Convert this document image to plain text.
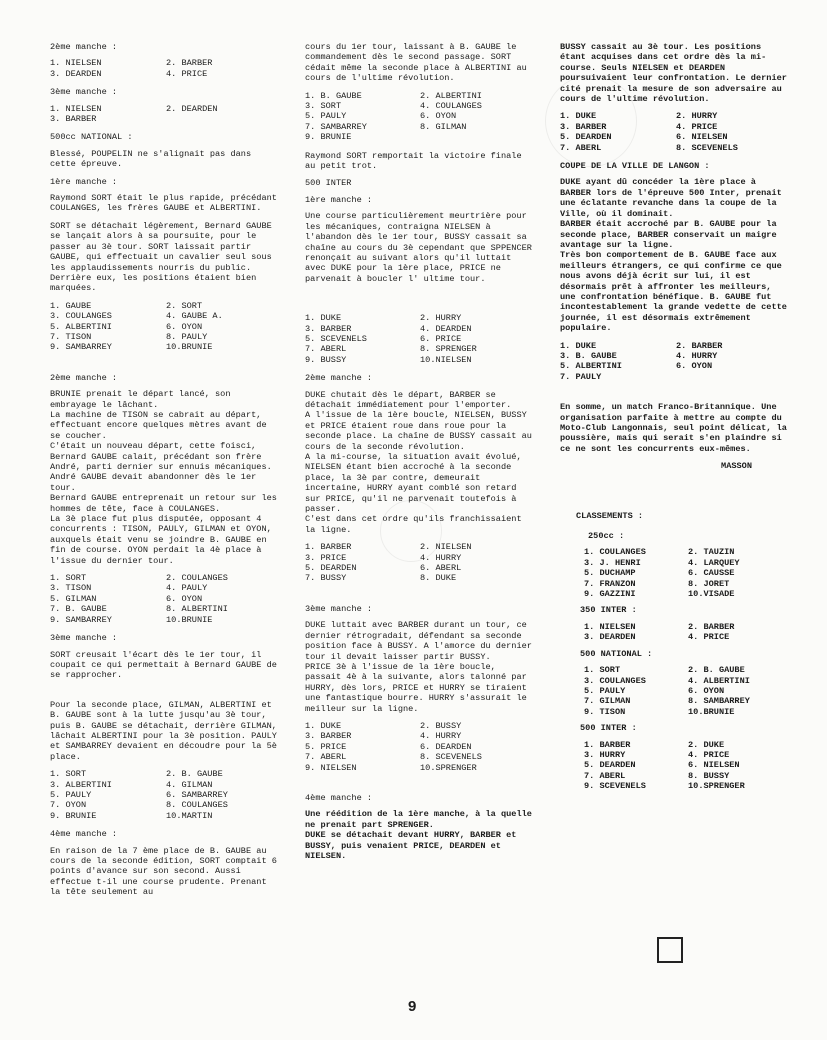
2ème manche :

1. NIELSEN	2. BARBER
3. DEARDEN	4. PRICE

3ème manche :

1. NIELSEN	2. DEARDEN
3. BARBER

500cc NATIONAL :

Blessé, POUPELIN ne s'alignait pas dans cette épreuve.

1ère manche :

Raymond SORT était le plus rapide, précédant COULANGES, les frères GAUBE et ALBERTINI.

SORT se détachait légèrement, Bernard GAUBE se lançait alors à sa poursuite, pour le passer au 3è tour. SORT laissait partir GAUBE, qui effectuait un cavalier seul sous les applaudissements nourris du public. Derrière eux, les positions étaient bien marquées.

1. GAUBE	2. SORT
3. COULANGES	4. GAUBE A.
5. ALBERTINI	6. OYON
7. TISON	8. PAULY
9. SAMBARREY	10.BRUNIE

2ème manche :

BRUNIE prenait le départ lancé, son embrayage le lâchant.

La machine de TISON se cabrait au départ, effectuant encore quelques mètres avant de se coucher.

C'était un nouveau départ, cette foisci, Bernard GAUBE calait, précédant son frère André, parti dernier sur ennuis mécaniques. André GAUBE devait abandonner dès le 1er tour.

Bernard GAUBE entreprenait un retour sur les hommes de tête, face à COULANGES.

La 3è place fut plus disputée, opposant 4 concurrents : TISON, PAULY, GILMAN et OYON, auxquels était venu se joindre B. GAUBE en fin de course. OYON perdait la 4è place à l'issue du dernier tour.

1. SORT	2. COULANGES
3. TISON	4. PAULY
5. GILMAN	6. OYON
7. B. GAUBE	8. ALBERTINI
9. SAMBARREY	10.BRUNIE

3ème manche :

SORT creusait l'écart dès le 1er tour, il coupait ce qui permettait à Bernard GAUBE de se rapprocher.

Pour la seconde place, GILMAN, ALBERTINI et B. GAUBE sont à la lutte jusqu'au 3è tour, puis B. GAUBE se détachait, derrière GILMAN, lâchait ALBERTINI pour la 3è position. PAULY et SAMBARREY devaient en découdre pour la 5è place.

1. SORT	2. B. GAUBE
3. ALBERTINI	4. GILMAN
5. PAULY	6. SAMBARREY
7. OYON	8. COULANGES
9. BRUNIE	10.MARTIN

4ème manche :

En raison de la 7 ème place de B. GAUBE au cours de la seconde édition, SORT comptait 6 points d'avance sur son second. Aussi effectue t-il une course prudente. Prenant la tête seulement au

cours du 1er tour, laissant à B. GAUBE le commandement dès le second passage. SORT cédait même la seconde place à ALBERTINI au cours de l'ultime révolution.

1. B. GAUBE	2. ALBERTINI
3. SORT	4. COULANGES
5. PAULY	6. OYON
7. SAMBARREY	8. GILMAN
9. BRUNIE

Raymond SORT remportait la victoire finale au petit trot.

500 INTER

1ère manche :

Une course particulièrement meurtrière pour les mécaniques, contraigna NIELSEN à l'abandon dès le 1er tour, BUSSY cassait sa chaîne au cours du 3è cependant que SPPENCER renonçait au suivant alors qu'il luttait avec DUKE pour la 1ère place, PRICE ne parvenait à boucler l' ultime tour.

1. DUKE	2. HURRY
3. BARBER	4. DEARDEN
5. SCEVENELS	6. PRICE
7. ABERL	8. SPRENGER
9. BUSSY	10.NIELSEN

2ème manche :

DUKE chutait dès le départ, BARBER se détachait immédiatement pour l'emporter.

A l'issue de la 1ère boucle, NIELSEN, BUSSY et PRICE étaient roue dans roue pour la seconde place. La chaîne de BUSSY cassait au cours de la seconde révolution.

A la mi-course, la situation avait évolué, NIELSEN étant bien accroché à la seconde place, la 3è par contre, demeurait incertaine, HURRY ayant comblé son retard sur PRICE, qu'il ne parvenait toutefois à passer.

C'est dans cet ordre qu'ils franchissaient la ligne.

1. BARBER	2. NIELSEN
3. PRICE	4. HURRY
5. DEARDEN	6. ABERL
7. BUSSY	8. DUKE

3ème manche :

DUKE luttait avec BARBER durant un tour, ce dernier rétrogradait, défendant sa seconde position face à BUSSY. A l'amorce du dernier tour il devait laisser partir BUSSY.

PRICE 3è à l'issue de la 1ère boucle, passait 4è à la suivante, alors talonné par HURRY, dès lors, PRICE et HURRY se tiraient une fantastique bourre. HURRY s'assurait le meilleur sur la ligne.

1. DUKE	2. BUSSY
3. BARBER	4. HURRY
5. PRICE	6. DEARDEN
7. ABERL	8. SCEVENELS
9. NIELSEN	10.SPRENGER

4ème manche :

Une réédition de la 1ère manche, à la quelle ne prenait part SPRENGER.

DUKE se détachait devant HURRY, BARBER et BUSSY, puis venaient PRICE, DEARDEN et NIELSEN.

BUSSY cassait au 3è tour. Les positions étant acquises dans cet ordre dès la mi-course. Seuls NIELSEN et DEARDEN poursuivaient leur confrontation. Le dernier cité prenait la mesure de son adversaire au cours de l'ultime révolution.

1. DUKE	2. HURRY
3. BARBER	4. PRICE
5. DEARDEN	6. NIELSEN
7. ABERL	8. SCEVENELS

COUPE DE LA VILLE DE LANGON :

DUKE ayant dû concéder la 1ère place à BARBER lors de l'épreuve 500 Inter, prenait une éclatante revanche dans la coupe de la Ville, où il dominait.

BARBER était accroché par B. GAUBE pour la seconde place, BARBER conservait un maigre avantage sur la ligne.

Très bon comportement de B. GAUBE face aux meilleurs étrangers, ce qui confirme ce que nous avons déjà écrit sur lui, il est désormais prêt à affronter les meilleurs, une confrontation bénéfique. B. GAUBE fut incontestablement la grande vedette de cette journée, il est désormais extrêmement populaire.

1. DUKE	2. BARBER
3. B. GAUBE	4. HURRY
5. ALBERTINI	6. OYON
7. PAULY

En somme, un match Franco-Britannique. Une organisation parfaite à mettre au compte du Moto-Club Langonnais, seul point délicat, la poussière, mais qui serait s'en plaindre si ce ne sont les concurrents eux-mêmes.

MASSON

CLASSEMENTS :

250cc :

1. COULANGES	2. TAUZIN
3. J. HENRI	4. LARQUEY
5. DUCHAMP	6. CAUSSE
7. FRANZON	8. JORET
9. GAZZINI	10.VISADE

350 INTER :

1. NIELSEN	2. BARBER
3. DEARDEN	4. PRICE

500 NATIONAL :

1. SORT	2. B. GAUBE
3. COULANGES	4. ALBERTINI
5. PAULY	6. OYON
7. GILMAN	8. SAMBARREY
9. TISON	10.BRUNIE

500 INTER :

1. BARBER	2. DUKE
3. HURRY	4. PRICE
5. DEARDEN	6. NIELSEN
7. ABERL	8. BUSSY
9. SCEVENELS	10.SPRENGER
9
